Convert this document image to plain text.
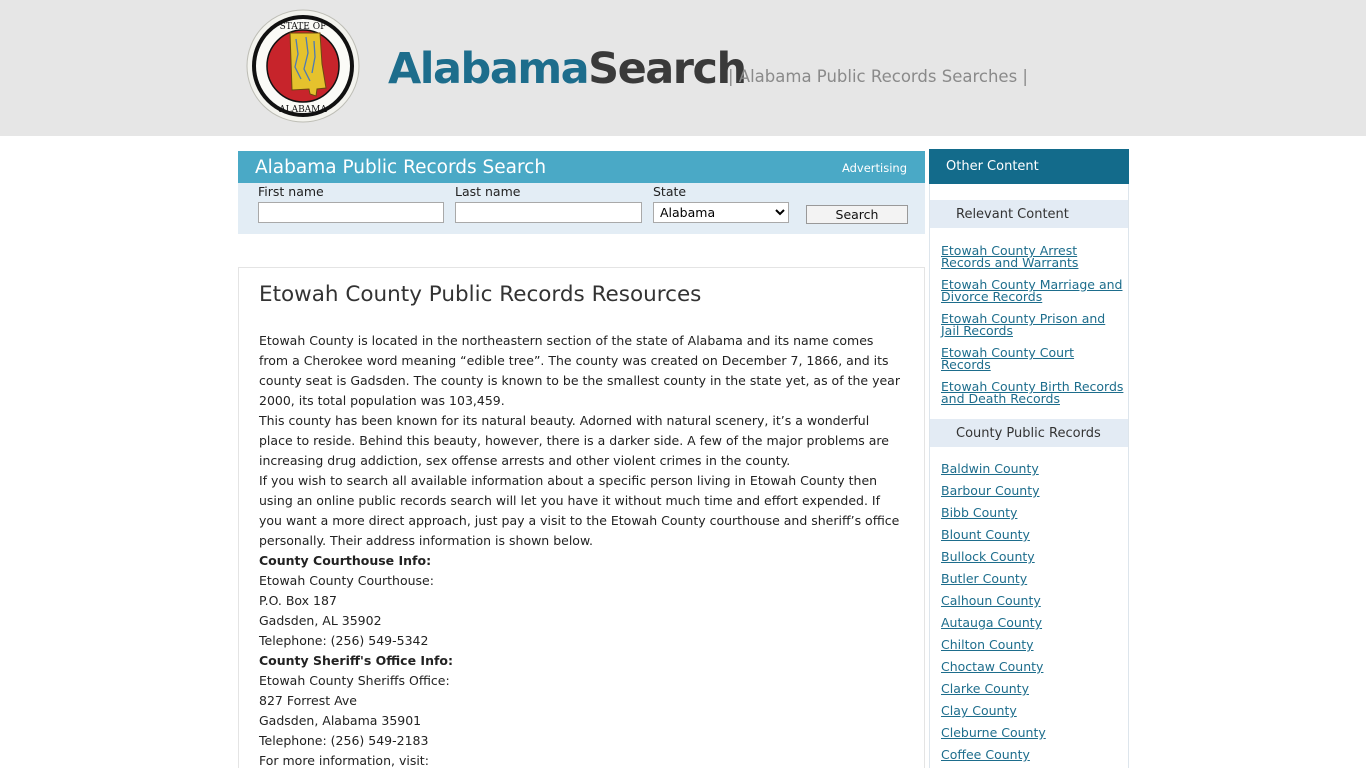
STATE OF
ALABAMA
AlabamaSearch
| Alabama Public Records Searches |
Alabama Public Records Search	Advertising
First name	Last name	State
Alabama
Search
Etowah County Public Records Resources

Etowah County is located in the northeastern section of the state of Alabama and its name comes from a Cherokee word meaning “edible tree”. The county was created on December 7, 1866, and its county seat is Gadsden. The county is known to be the smallest county in the state yet, as of the year 2000, its total population was 103,459.

This county has been known for its natural beauty. Adorned with natural scenery, it’s a wonderful place to reside. Behind this beauty, however, there is a darker side. A few of the major problems are increasing drug addiction, sex offense arrests and other violent crimes in the county.

If you wish to search all available information about a specific person living in Etowah County then using an online public records search will let you have it without much time and effort expended. If you want a more direct approach, just pay a visit to the Etowah County courthouse and sheriff’s office personally. Their address information is shown below.

County Courthouse Info:

Etowah County Courthouse:

P.O. Box 187

Gadsden, AL 35902

Telephone: (256) 549-5342

County Sheriff's Office Info:

Etowah County Sheriffs Office:

827 Forrest Ave

Gadsden, Alabama 35901

Telephone: (256) 549-2183

For more information, visit:

Other Content
Relevant Content
Etowah County Arrest Records and Warrants
Etowah County Marriage and Divorce Records
Etowah County Prison and Jail Records
Etowah County Court Records
Etowah County Birth Records and Death Records
County Public Records
Baldwin County
Barbour County
Bibb County
Blount County
Bullock County
Butler County
Calhoun County
Autauga County
Chilton County
Choctaw County
Clarke County
Clay County
Cleburne County
Coffee County
